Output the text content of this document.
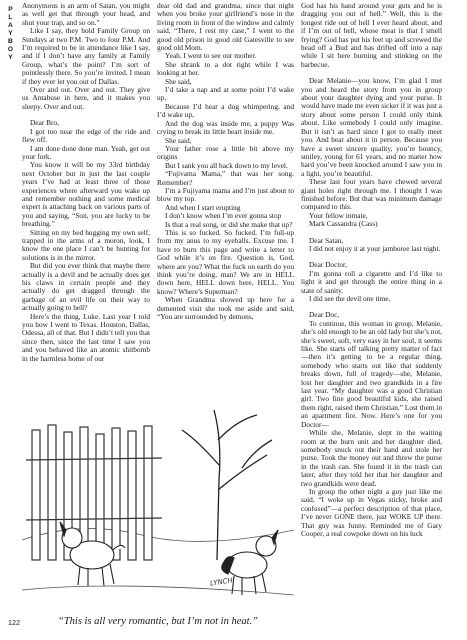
P
L
A
Y
B
O
Y

Anonymous is an arm of Satan, you might as well get that through your head, and shut your trap, and so on.”

Like I say, they hold Family Group on Sundays at two P.M. Two to four P.M. And I’m required to be in attendance like I say, and if I don’t have any family at Family Group, what’s the point? I’m sort of pointlessly there. So you’re invited. I mean if they ever let you out of Dallas.

Over and out. Over and out. They give us Antabuse in here, and it makes you sleepy. Over and out.

Dear Bro,

I got too near the edge of the ride and flew off.

I am done done done man. Yeah, get out your fork.

You know it will be my 33rd birthday next October but in just the last couple years I’ve had at least three of those experiences where afterward you wake up and remember nothing and some medical expert is attaching back on various parts of you and saying, “Son, you are lucky to be breathing.”

Sitting on my bed hugging my own self, trapped in the arms of a moron, look, I know the one place I can’t be hunting for solutions is in the mirror.

But did you ever think that maybe there actually is a devil and he actually does get his claws in certain people and they actually do get dragged through the garbage of an evil life on their way to actually going to hell?

Here’s the thing, Luke. Last year I told you how I went to Texas. Houston, Dallas, Odessa, all of that. But I didn’t tell you that since then, since the last time I saw you and you behaved like an atomic shitbomb in the harmless home of our

dear old dad and grandma, since that night when you broke your girlfriend’s nose in the living room in front of the window and calmly said, “There, I rest my case,” I went to the good old prison in good old Gatesville to see good old Mom.

Yeah. I went to see our mother.

She shrank to a dot right while I was looking at her.

She said,

I’d take a nap and at some point I’d wake up,

Because I’d hear a dog whimpering, and I’d wake up,

And the dog was inside me, a puppy Was crying to break its little heart inside me.

She said,

Your father rose a little bit above my origins

But I sank you all back down to my level.

“Fujivama Mama,” that was her song. Remember?

I’m a Fujiyama mama and I’m just about to blow my top.

And when I start erupting

I don’t know when I’m ever gonna stop

Is that a real song, or did she make that up?

This is so fucked. So fucked. I’m full-up from my anus to my eyeballs. Excuse me. I have to burn this page and write a letter to God while it’s on fire. Question is, God, where are you? What the fuck on earth do you think you’re doing, man? We are in HELL down here, HELL down here, HELL. You know? Where’s Superman?

When Grandma showed up here for a demented visit she took me aside and said, “You are surrounded by demons,

God has his hand around your guts and he is dragging you out of hell.” Well, this is the longest ride out of hell I ever heard about, and if I’m out of hell, whose meat is that I smell frying? God has put his feet up and screwed the head off a Bud and has drifted off into a nap while I sit here burning and stinking on the barbecue.

Dear Melanie—you know, I’m glad I met you and heard the story from you in group about your daughter dying and your purse. It would have made me even sicker if it was just a story about some person I could only think about. Like somebody I could only imagine. But it isn’t as hard since I got to really meet you. And hear about it in person. Because you have a sweet sincere quality, you’re bouncy, smiley, young for 61 years, and no matter how hard you’ve been knocked around I saw you in a light, you’re beautiful.

These last four years have chewed several giant holes right through me. I thought I was finished before. But that was minimum damage compared to this.

Your fellow inmate,

Mark Cassandra (Cass)

Dear Satan,

I did not enjoy it at your jamboree last night.

Dear Doctor,

I’m gonna roll a cigarette and I’d like to light it and get through the entire thing in a state of sanity.

I did see the devil one time.

Dear Doc,

To continue, this woman in group, Melanie, she’s old enough to be an old lady but she’s not, she’s sweet, soft, very easy in her soul, it seems like. She starts off talking pretty matter of fact—then it’s getting to be a regular thing, somebody who starts out like that suddenly breaks down, full of tragedy—she, Melanie, lost her daughter and two grandkids in a fire last year. “My daughter was a good Christian girl. Two fine good beautiful kids, she raised them right, raised them Christian.” Lost them in an apartment fire. Now. Here’s one for you Doctor—

While she, Melanie, slept in the waiting room at the burn unit and her daughter died, somebody snuck out their hand and stole her purse. Took the money out and threw the purse in the trash can. She found it in the trash can later, after they told her that her daughter and two grandkids were dead.

In group the other night a guy just like me said, “I woke up in Vegas sticky, broke and confused”—a perfect description of that place, I’ve never GONE there, just WOKE UP there. That guy was funny. Reminded me of Gary Cooper, a real cowpoke down on his luck

LYNCH
“This is all very romantic, but I’m not in heat.”
122
